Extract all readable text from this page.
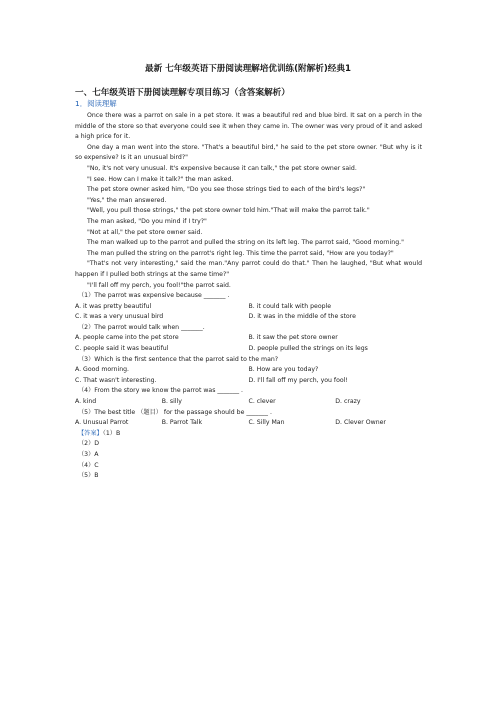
最新 七年级英语下册阅读理解培优训练(附解析)经典1
一、七年级英语下册阅读理解专项目练习（含答案解析）
1．阅读理解

Once there was a parrot on sale in a pet store. It was a beautiful red and blue bird. It sat on a perch in the middle of the store so that everyone could see it when they came in. The owner was very proud of it and asked a high price for it.

One day a man went into the store. "That's a beautiful bird," he said to the pet store owner. "But why is it so expensive? Is it an unusual bird?"

"No, it's not very unusual. It's expensive because it can talk," the pet store owner said.

"I see. How can I make it talk?" the man asked.

The pet store owner asked him, "Do you see those strings tied to each of the bird's legs?"

"Yes," the man answered.

"Well, you pull those strings," the pet store owner told him."That will make the parrot talk."

The man asked, "Do you mind if I try?"

"Not at all," the pet store owner said.

The man walked up to the parrot and pulled the string on its left leg. The parrot said, "Good morning."

The man pulled the string on the parrot's right leg. This time the parrot said, "How are you today?"

"That's not very interesting," said the man."Any parrot could do that." Then he laughed, "But what would happen if I pulled both strings at the same time?"

"I'll fall off my perch, you fool!"the parrot said.

（1）The parrot was expensive because _______ .

A. it was pretty beautiful	B. it could talk with people
C. it was a very unusual bird	D. it was in the middle of the store

（2）The parrot would talk when _______.

A. people came into the pet store	B. it saw the pet store owner
C. people said it was beautiful	D. people pulled the strings on its legs

（3）Which is the first sentence that the parrot said to the man?

A. Good morning.	B. How are you today?
C. That wasn't interesting.	D. I'll fall off my perch, you fool!

（4）From the story we know the parrot was _______ .

A. kind	B. silly	C. clever	D. crazy

（5）The best title （题目） for the passage should be _______ .

A. Unusual Parrot	B. Parrot Talk	C. Silly Man	D. Clever Owner

【答案】（1）B

（2）D

（3）A

（4）C

（5）B
